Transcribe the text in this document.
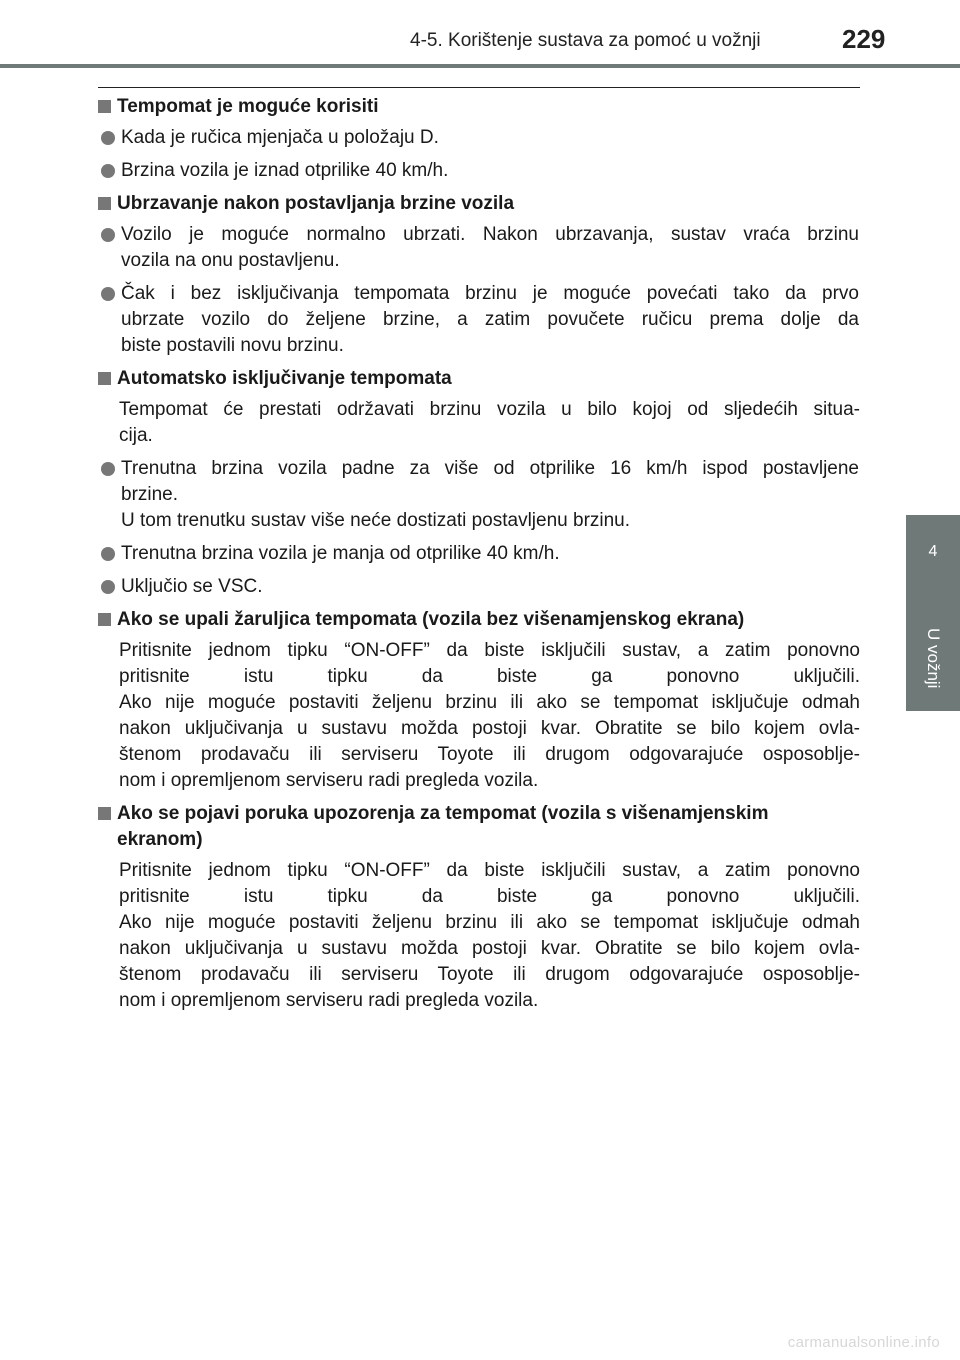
4-5. Korištenje sustava za pomoć u vožnji	229
4
U vožnji
Tempomat je moguće korisiti
Kada je ručica mjenjača u položaju D.
Brzina vozila je iznad otprilike 40 km/h.
Ubrzavanje nakon postavljanja brzine vozila
Vozilo je moguće normalno ubrzati. Nakon ubrzavanja, sustav vraća brzinu
vozila na onu postavljenu.
Čak i bez isključivanja tempomata brzinu je moguće povećati tako da prvo
ubrzate vozilo do željene brzine, a zatim povučete ručicu prema dolje da
biste postavili novu brzinu.
Automatsko isključivanje tempomata
Tempomat će prestati održavati brzinu vozila u bilo kojoj od sljedećih situa-
cija.
Trenutna brzina vozila padne za više od otprilike 16 km/h ispod postavljene
brzine.
U tom trenutku sustav više neće dostizati postavljenu brzinu.
Trenutna brzina vozila je manja od otprilike 40 km/h.
Uključio se VSC.
Ako se upali žaruljica tempomata (vozila bez višenamjenskog ekrana)
Pritisnite jednom tipku “ON-OFF” da biste isključili sustav, a zatim ponovno
pritisnite istu tipku da biste ga ponovno uključili.
Ako nije moguće postaviti željenu brzinu ili ako se tempomat isključuje odmah
nakon uključivanja u sustavu možda postoji kvar. Obratite se bilo kojem ovla-
štenom prodavaču ili serviseru Toyote ili drugom odgovarajuće osposoblje-
nom i opremljenom serviseru radi pregleda vozila.
Ako se pojavi poruka upozorenja za tempomat (vozila s višenamjenskim
ekranom)
Pritisnite jednom tipku “ON-OFF” da biste isključili sustav, a zatim ponovno
pritisnite istu tipku da biste ga ponovno uključili.
Ako nije moguće postaviti željenu brzinu ili ako se tempomat isključuje odmah
nakon uključivanja u sustavu možda postoji kvar. Obratite se bilo kojem ovla-
štenom prodavaču ili serviseru Toyote ili drugom odgovarajuće osposoblje-
nom i opremljenom serviseru radi pregleda vozila.
carmanualsonline.info
